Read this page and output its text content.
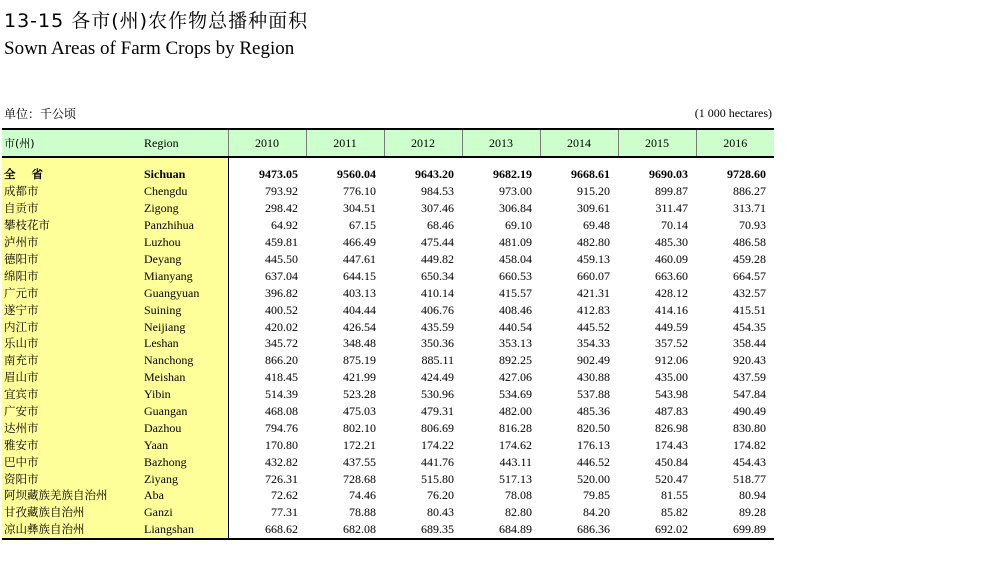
13-15 各市(州)农作物总播种面积
Sown Areas of Farm Crops by Region
单位：千公顷	(1 000 hectares)
市(州)	Region	2010	2011	2012	2013	2014	2015	2016
全 省	Sichuan	9473.05	9560.04	9643.20	9682.19	9668.61	9690.03	9728.60
成都市	Chengdu	793.92	776.10	984.53	973.00	915.20	899.87	886.27
自贡市	Zigong	298.42	304.51	307.46	306.84	309.61	311.47	313.71
攀枝花市	Panzhihua	64.92	67.15	68.46	69.10	69.48	70.14	70.93
泸州市	Luzhou	459.81	466.49	475.44	481.09	482.80	485.30	486.58
德阳市	Deyang	445.50	447.61	449.82	458.04	459.13	460.09	459.28
绵阳市	Mianyang	637.04	644.15	650.34	660.53	660.07	663.60	664.57
广元市	Guangyuan	396.82	403.13	410.14	415.57	421.31	428.12	432.57
遂宁市	Suining	400.52	404.44	406.76	408.46	412.83	414.16	415.51
内江市	Neijiang	420.02	426.54	435.59	440.54	445.52	449.59	454.35
乐山市	Leshan	345.72	348.48	350.36	353.13	354.33	357.52	358.44
南充市	Nanchong	866.20	875.19	885.11	892.25	902.49	912.06	920.43
眉山市	Meishan	418.45	421.99	424.49	427.06	430.88	435.00	437.59
宜宾市	Yibin	514.39	523.28	530.96	534.69	537.88	543.98	547.84
广安市	Guangan	468.08	475.03	479.31	482.00	485.36	487.83	490.49
达州市	Dazhou	794.76	802.10	806.69	816.28	820.50	826.98	830.80
雅安市	Yaan	170.80	172.21	174.22	174.62	176.13	174.43	174.82
巴中市	Bazhong	432.82	437.55	441.76	443.11	446.52	450.84	454.43
资阳市	Ziyang	726.31	728.68	515.80	517.13	520.00	520.47	518.77
阿坝藏族羌族自治州	Aba	72.62	74.46	76.20	78.08	79.85	81.55	80.94
甘孜藏族自治州	Ganzi	77.31	78.88	80.43	82.80	84.20	85.82	89.28
凉山彝族自治州	Liangshan	668.62	682.08	689.35	684.89	686.36	692.02	699.89
